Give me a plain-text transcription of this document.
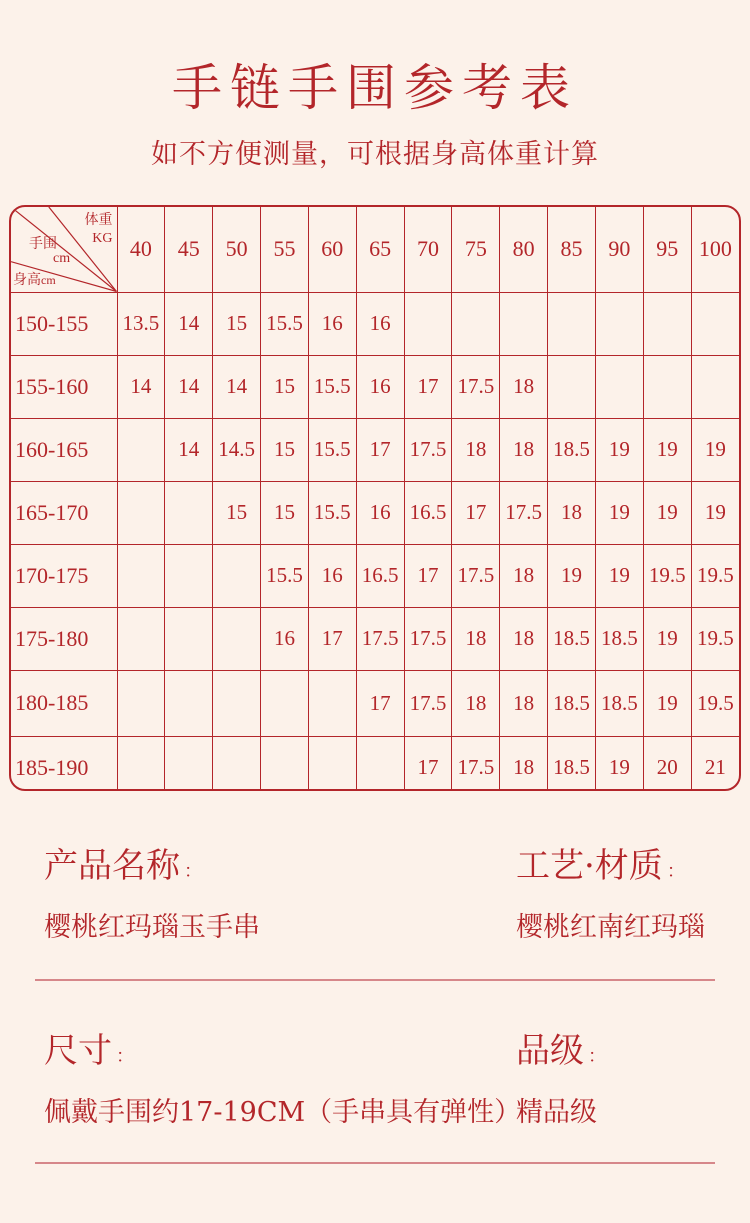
手链手围参考表
如不方便测量，可根据身高体重计算
体重
KG
手围
cm
身高cm	40	45	50	55	60	65	70	75	80	85	90	95	100
150-155	13.5	14	15	15.5	16	16							
155-160	14	14	14	15	15.5	16	17	17.5	18				
160-165		14	14.5	15	15.5	17	17.5	18	18	18.5	19	19	19
165-170			15	15	15.5	16	16.5	17	17.5	18	19	19	19
170-175				15.5	16	16.5	17	17.5	18	19	19	19.5	19.5
175-180				16	17	17.5	17.5	18	18	18.5	18.5	19	19.5
180-185						17	17.5	18	18	18.5	18.5	19	19.5
185-190							17	17.5	18	18.5	19	20	21
产品名称 ：
樱桃红玛瑙玉手串
工艺·材质 ：
樱桃红南红玛瑙
尺寸 ：
佩戴手围约17-19CM（手串具有弹性）
品级 ：
精品级
